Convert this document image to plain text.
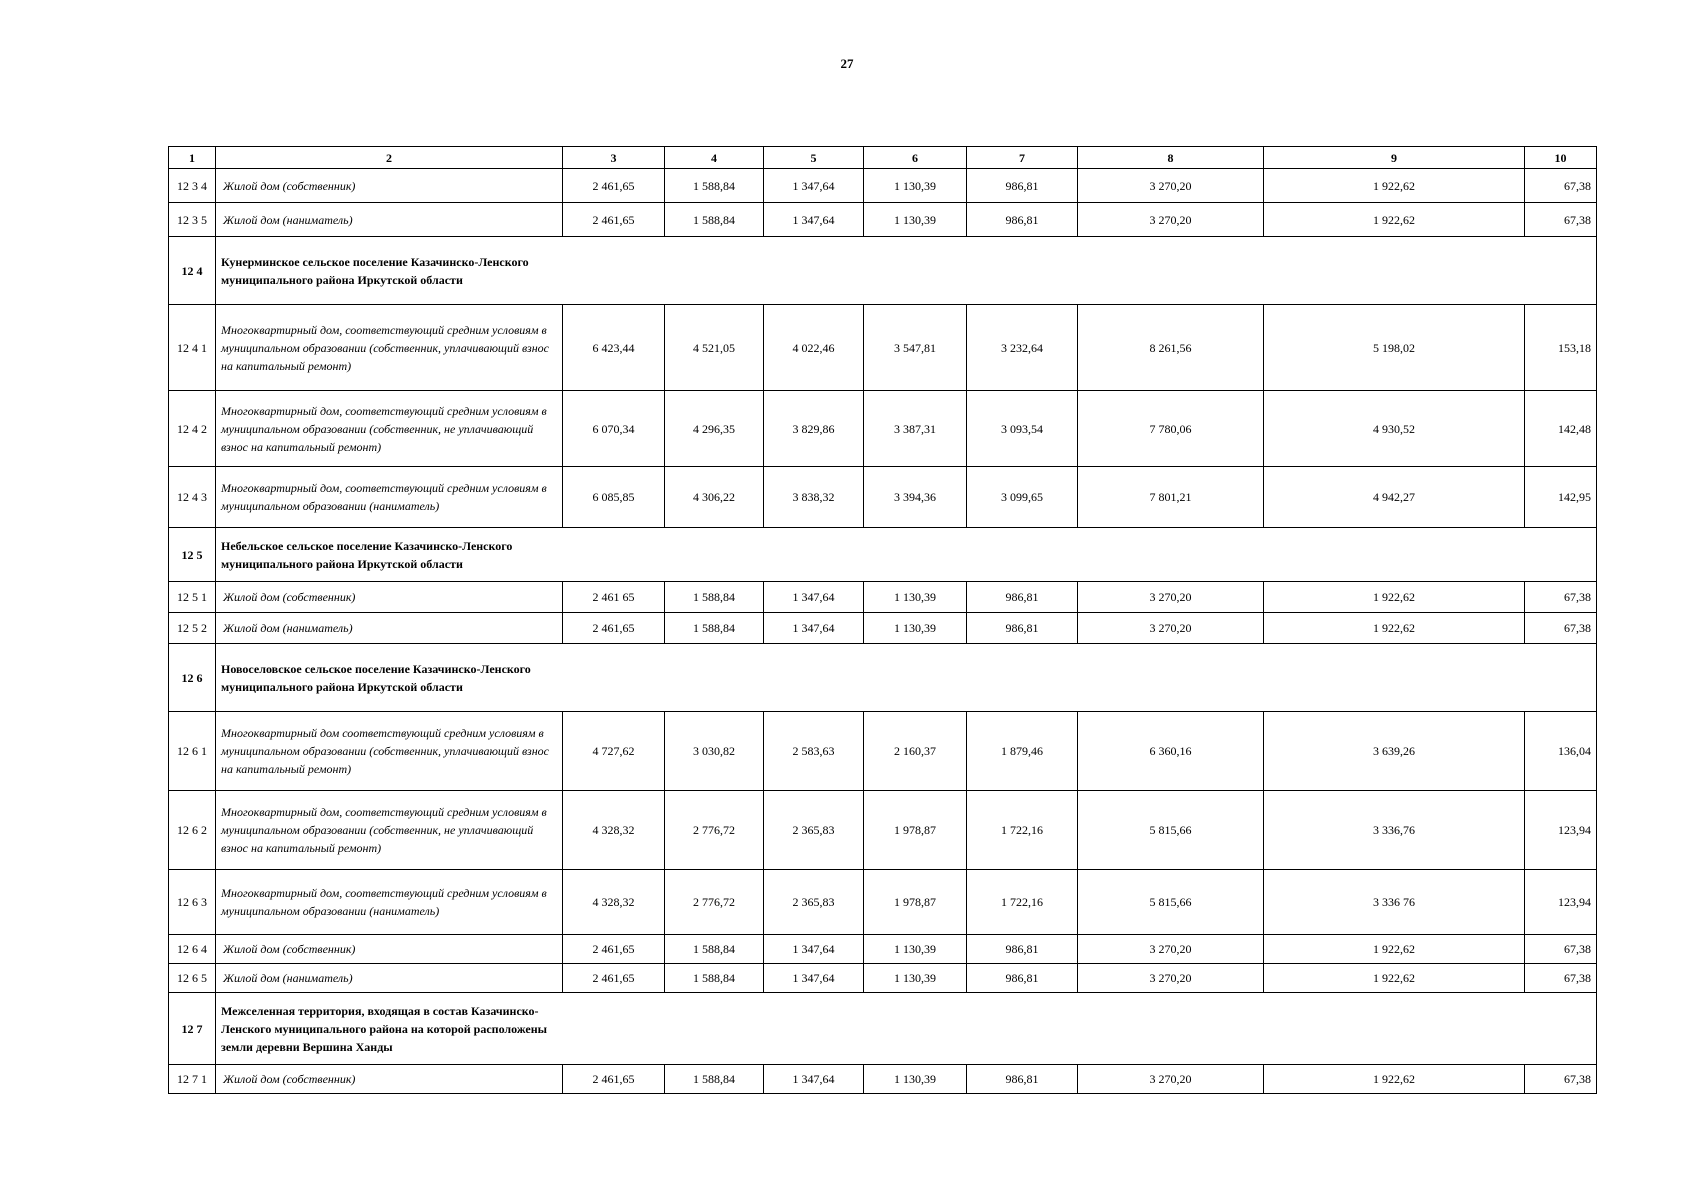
27
1	2	3	4	5	6	7	8	9	10
12 3 4	Жилой дом (собственник)	2 461,65	1 588,84	1 347,64	1 130,39	986,81	3 270,20	1 922,62	67,38
12 3 5	Жилой дом (наниматель)	2 461,65	1 588,84	1 347,64	1 130,39	986,81	3 270,20	1 922,62	67,38
12 4	Кунерминское сельское поселение Казачинско-Ленского муниципального района Иркутской области								
12 4 1	Многоквартирный дом, соответствующий средним условиям в муниципальном образовании (собственник, уплачивающий взнос на капитальный ремонт)	6 423,44	4 521,05	4 022,46	3 547,81	3 232,64	8 261,56	5 198,02	153,18
12 4 2	Многоквартирный дом, соответствующий средним условиям в муниципальном образовании (собственник, не уплачивающий взнос на капитальный ремонт)	6 070,34	4 296,35	3 829,86	3 387,31	3 093,54	7 780,06	4 930,52	142,48
12 4 3	Многоквартирный дом, соответствующий средним условиям в муниципальном образовании (наниматель)	6 085,85	4 306,22	3 838,32	3 394,36	3 099,65	7 801,21	4 942,27	142,95
12 5	Небельское сельское поселение Казачинско-Ленского муниципального района Иркутской области								
12 5 1	Жилой дом (собственник)	2 461 65	1 588,84	1 347,64	1 130,39	986,81	3 270,20	1 922,62	67,38
12 5 2	Жилой дом (наниматель)	2 461,65	1 588,84	1 347,64	1 130,39	986,81	3 270,20	1 922,62	67,38
12 6	Новоселовское сельское поселение Казачинско-Ленского муниципального района Иркутской области								
12 6 1	Многоквартирный дом соответствующий средним условиям в муниципальном образовании (собственник, уплачивающий взнос на капитальный ремонт)	4 727,62	3 030,82	2 583,63	2 160,37	1 879,46	6 360,16	3 639,26	136,04
12 6 2	Многоквартирный дом, соответствующий средним условиям в муниципальном образовании (собственник, не уплачивающий взнос на капитальный ремонт)	4 328,32	2 776,72	2 365,83	1 978,87	1 722,16	5 815,66	3 336,76	123,94
12 6 3	Многоквартирный дом, соответствующий средним условиям в муниципальном образовании (наниматель)	4 328,32	2 776,72	2 365,83	1 978,87	1 722,16	5 815,66	3 336 76	123,94
12 6 4	Жилой дом (собственник)	2 461,65	1 588,84	1 347,64	1 130,39	986,81	3 270,20	1 922,62	67,38
12 6 5	Жилой дом (наниматель)	2 461,65	1 588,84	1 347,64	1 130,39	986,81	3 270,20	1 922,62	67,38
12 7	Межселенная территория, входящая в состав Казачинско-Ленского муниципального района на которой расположены земли деревни Вершина Ханды								
12 7 1	Жилой дом (собственник)	2 461,65	1 588,84	1 347,64	1 130,39	986,81	3 270,20	1 922,62	67,38
